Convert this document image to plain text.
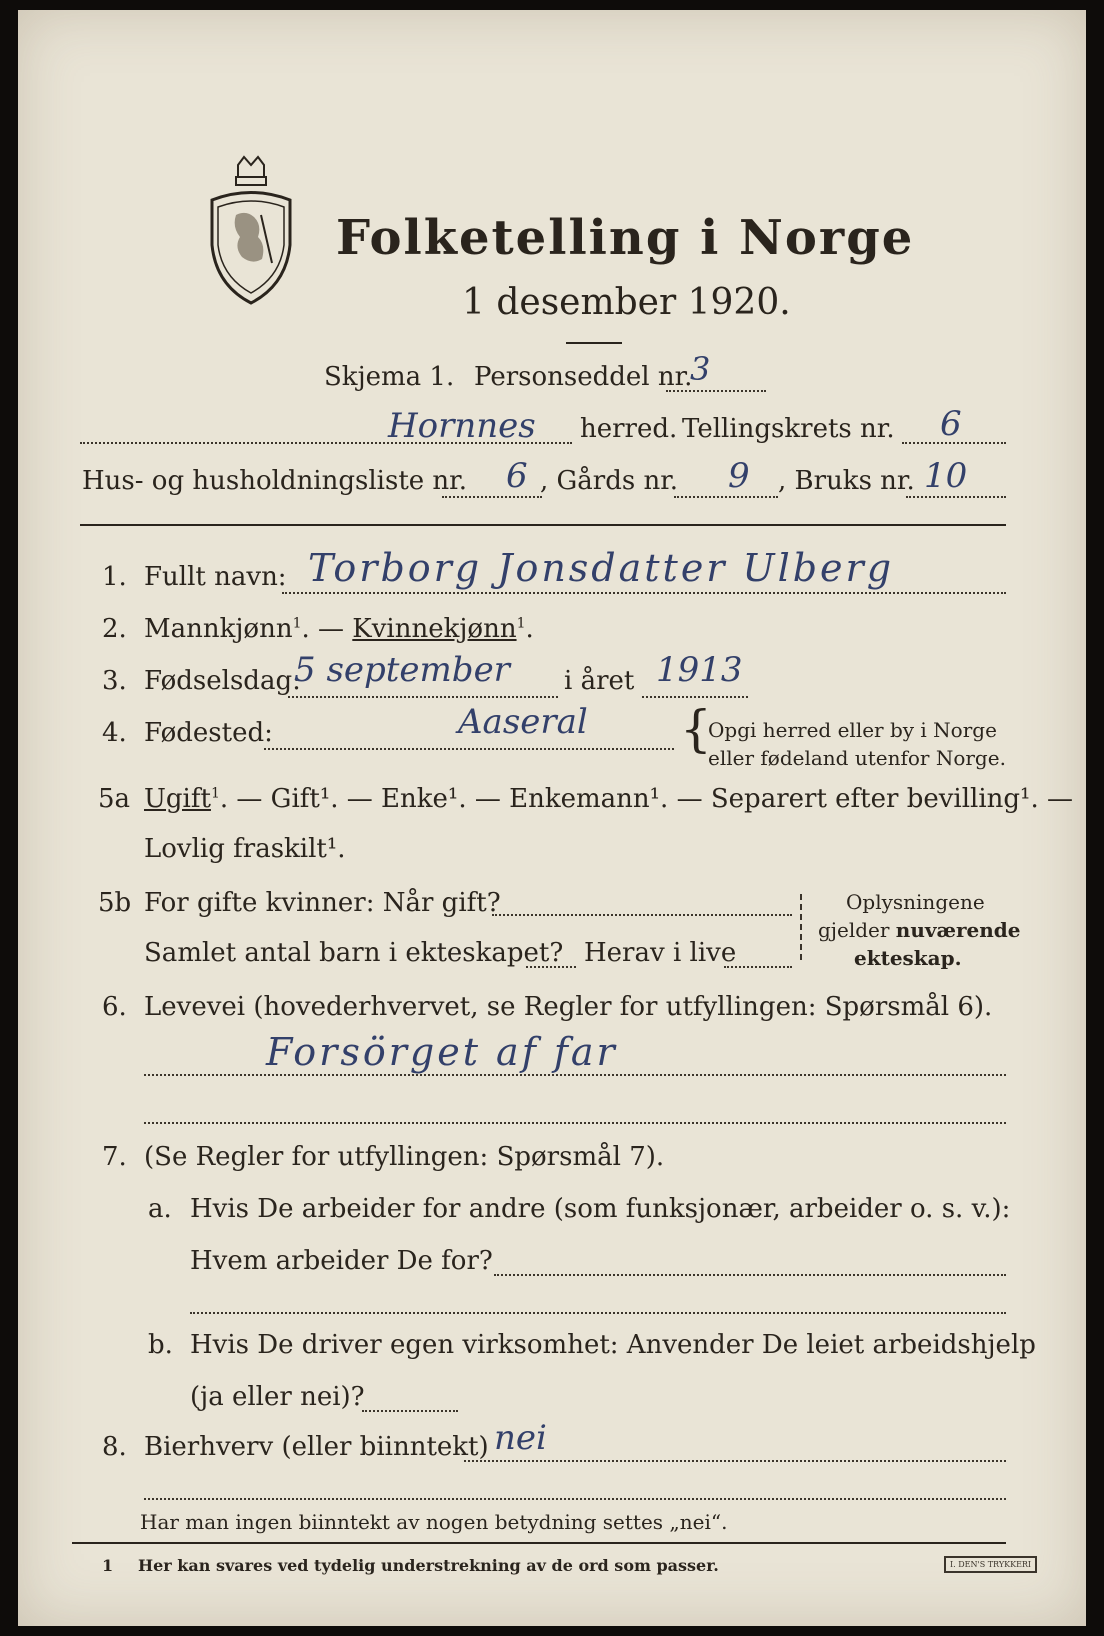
Folketelling i Norge
1 desember 1920.
Skjema 1. Personseddel nr.
3
Hornnes herred. Tellingskrets nr. 6
Hus- og husholdningsliste nr. 6 , Gårds nr. 9 , Bruks nr. 10
1. Fullt navn: Torborg Jonsdatter Ulberg
2. Mannkjønn$^1$. — Kvinnekjønn$^1$.
3. Fødselsdag:
5 september i året 1913
4. Fødested:	Aaseral {
Opgi herred eller by i Norge
eller fødeland utenfor Norge.
5a Ugift$^1$. — Gift¹. — Enke¹. — Enkemann¹. — Separert efter bevilling¹. —
Lovlig fraskilt¹.
5b For gifte kvinner: Når gift?
Samlet antal barn i ekteskapet? Herav i live
Oplysningene
gjelder nuværende
ekteskap.
6. Levevei (hovederhvervet, se Regler for utfyllingen: Spørsmål 6).
Forsörget af far
7. (Se Regler for utfyllingen: Spørsmål 7).
a. Hvis De arbeider for andre (som funksjonær, arbeider o. s. v.):
Hvem arbeider De for?
b. Hvis De driver egen virksomhet: Anvender De leiet arbeidshjelp
(ja eller nei)?
8. Bierhverv (eller biinntekt) nei
Har man ingen biinntekt av nogen betydning settes „nei“.
1 Her kan svares ved tydelig understrekning av de ord som passer.	I. DEN'S TRYKKERI
